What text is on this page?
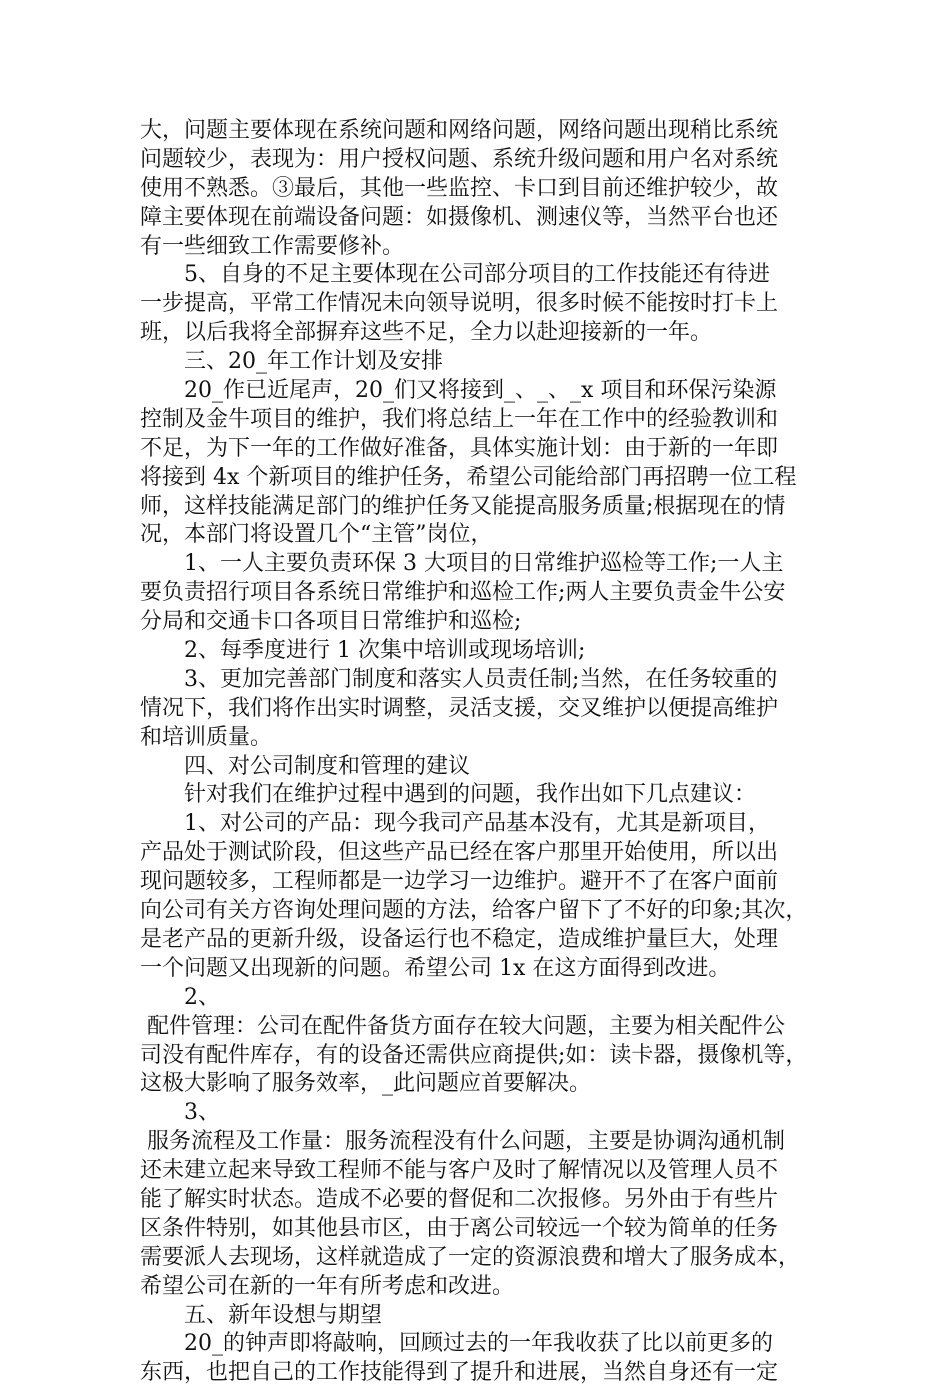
大，问题主要体现在系统问题和网络问题，网络问题出现稍比系统
问题较少，表现为：用户授权问题、系统升级问题和用户名对系统
使用不熟悉。③最后，其他一些监控、卡口到目前还维护较少，故
障主要体现在前端设备问题：如摄像机、测速仪等，当然平台也还
有一些细致工作需要修补。
　　5、自身的不足主要体现在公司部分项目的工作技能还有待进
一步提高，平常工作情况未向领导说明，很多时候不能按时打卡上
班，以后我将全部摒弃这些不足，全力以赴迎接新的一年。
　　三、20_年工作计划及安排
　　20_作已近尾声，20_们又将接到_、_、_x 项目和环保污染源
控制及金牛项目的维护，我们将总结上一年在工作中的经验教训和
不足，为下一年的工作做好准备，具体实施计划：由于新的一年即
将接到 4x 个新项目的维护任务，希望公司能给部门再招聘一位工程
师，这样技能满足部门的维护任务又能提高服务质量;根据现在的情
况，本部门将设置几个“主管”岗位，
　　1、一人主要负责环保 3 大项目的日常维护巡检等工作;一人主
要负责招行项目各系统日常维护和巡检工作;两人主要负责金牛公安
分局和交通卡口各项目日常维护和巡检;
　　2、每季度进行 1 次集中培训或现场培训;
　　3、更加完善部门制度和落实人员责任制;当然，在任务较重的
情况下，我们将作出实时调整，灵活支援，交叉维护以便提高维护
和培训质量。
　　四、对公司制度和管理的建议
　　针对我们在维护过程中遇到的问题，我作出如下几点建议：
　　1、对公司的产品：现今我司产品基本没有，尤其是新项目，
产品处于测试阶段，但这些产品已经在客户那里开始使用，所以出
现问题较多，工程师都是一边学习一边维护。避开不了在客户面前
向公司有关方咨询处理问题的方法，给客户留下了不好的印象;其次，
是老产品的更新升级，设备运行也不稳定，造成维护量巨大，处理
一个问题又出现新的问题。希望公司 1x 在这方面得到改进。
　　2、
配件管理：公司在配件备货方面存在较大问题，主要为相关配件公
司没有配件库存，有的设备还需供应商提供;如：读卡器，摄像机等，
这极大影响了服务效率，_此问题应首要解决。
　　3、
服务流程及工作量：服务流程没有什么问题，主要是协调沟通机制
还未建立起来导致工程师不能与客户及时了解情况以及管理人员不
能了解实时状态。造成不必要的督促和二次报修。另外由于有些片
区条件特别，如其他县市区，由于离公司较远一个较为简单的任务
需要派人去现场，这样就造成了一定的资源浪费和增大了服务成本，
希望公司在新的一年有所考虑和改进。
　　五、新年设想与期望
　　20_的钟声即将敲响，回顾过去的一年我收获了比以前更多的
东西，也把自己的工作技能得到了提升和进展，当然自身还有一定
